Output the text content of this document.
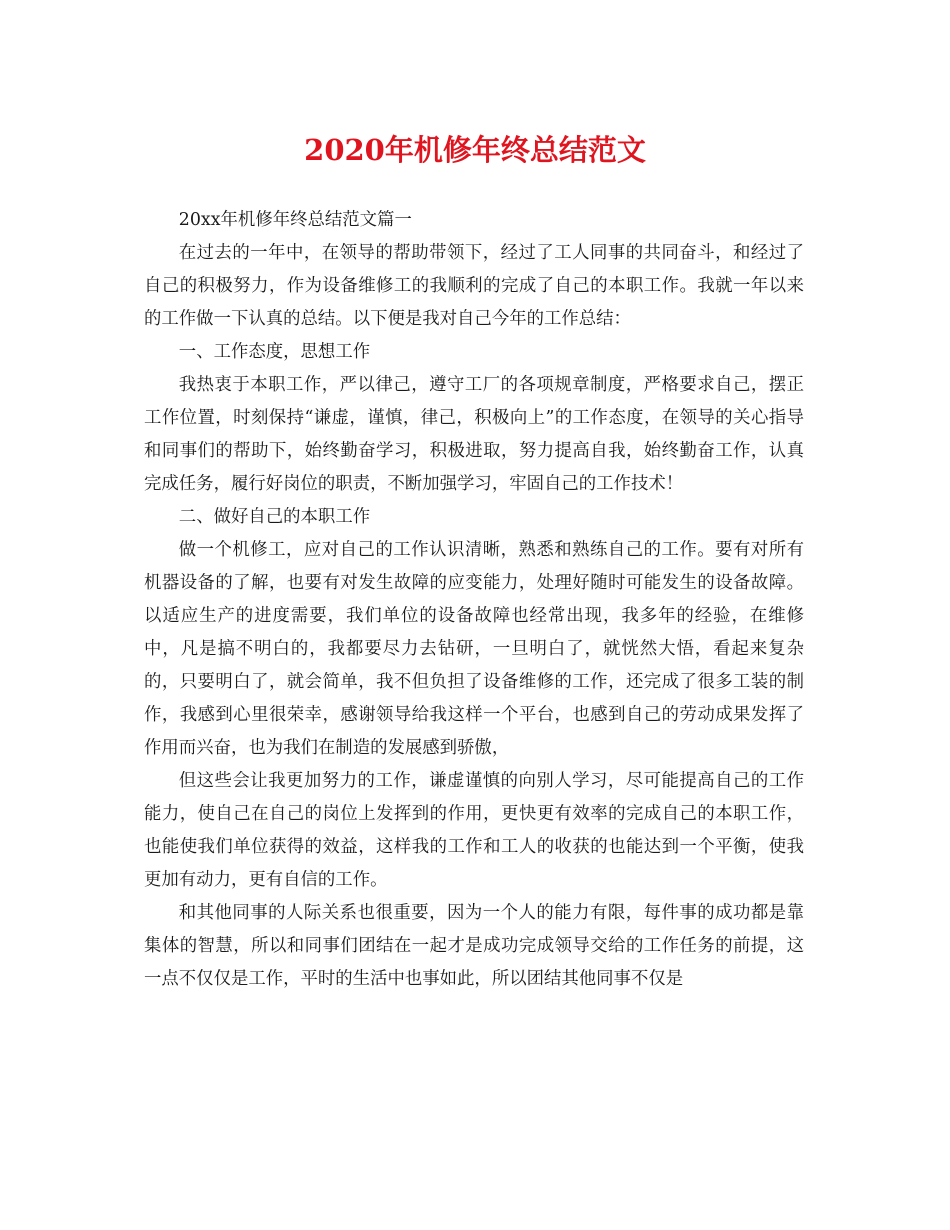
2020年机修年终总结范文

20xx年机修年终总结范文篇一

在过去的一年中，在领导的帮助带领下，经过了工人同事的共同奋斗，和经过了自己的积极努力，作为设备维修工的我顺利的完成了自己的本职工作。我就一年以来的工作做一下认真的总结。以下便是我对自己今年的工作总结：

一、工作态度，思想工作

我热衷于本职工作，严以律己，遵守工厂的各项规章制度，严格要求自己，摆正工作位置，时刻保持“谦虚，谨慎，律己，积极向上”的工作态度，在领导的关心指导和同事们的帮助下，始终勤奋学习，积极进取，努力提高自我，始终勤奋工作，认真完成任务，履行好岗位的职责，不断加强学习，牢固自己的工作技术！

二、做好自己的本职工作

做一个机修工，应对自己的工作认识清晰，熟悉和熟练自己的工作。要有对所有机器设备的了解，也要有对发生故障的应变能力，处理好随时可能发生的设备故障。以适应生产的进度需要，我们单位的设备故障也经常出现，我多年的经验，在维修中，凡是搞不明白的，我都要尽力去钻研，一旦明白了，就恍然大悟，看起来复杂的，只要明白了，就会简单，我不但负担了设备维修的工作，还完成了很多工装的制作，我感到心里很荣幸，感谢领导给我这样一个平台，也感到自己的劳动成果发挥了作用而兴奋，也为我们在制造的发展感到骄傲，

但这些会让我更加努力的工作，谦虚谨慎的向别人学习，尽可能提高自己的工作能力，使自己在自己的岗位上发挥到的作用，更快更有效率的完成自己的本职工作，也能使我们单位获得的效益，这样我的工作和工人的收获的也能达到一个平衡，使我更加有动力，更有自信的工作。

和其他同事的人际关系也很重要，因为一个人的能力有限，每件事的成功都是靠集体的智慧，所以和同事们团结在一起才是成功完成领导交给的工作任务的前提，这一点不仅仅是工作，平时的生活中也事如此，所以团结其他同事不仅是
